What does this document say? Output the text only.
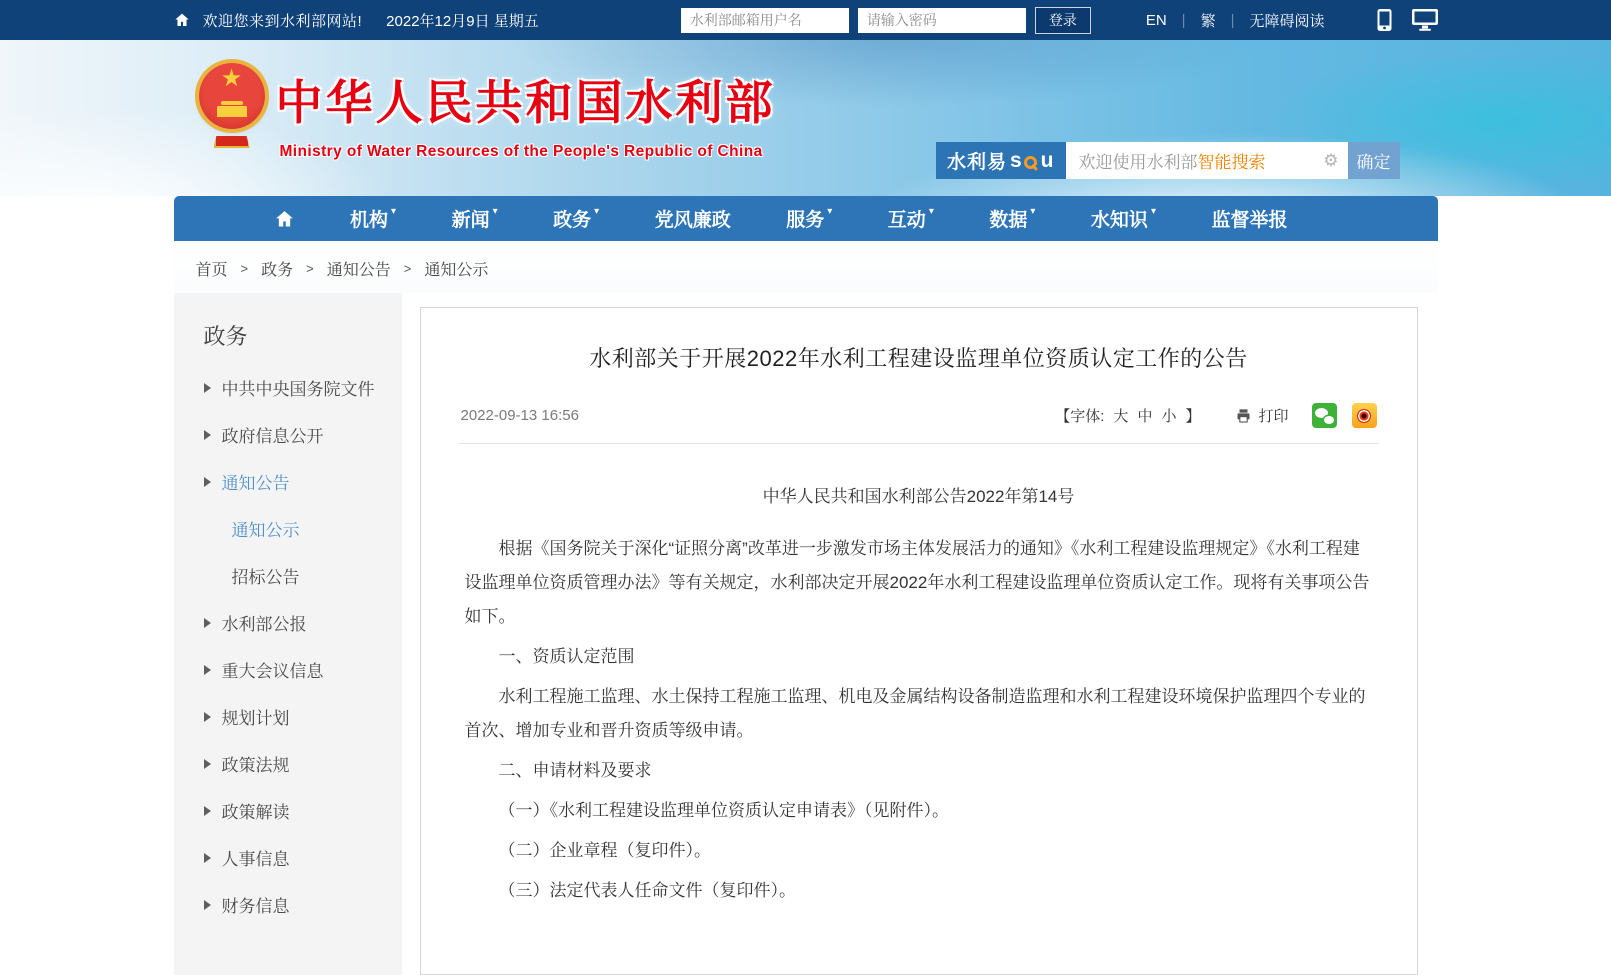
欢迎您来到水利部网站! 2022年12月9日 星期五
水利部邮箱用户名	登录	EN | 繁 | 无障碍阅读
★ 中华人民共和国水利部
Ministry of Water Resources of the People's Republic of China
水利易 s u 欢迎使用水利部 智能搜索	⚙	确定
机构 ▾	新闻 ▾	政务 ▾	党风廉政	服务 ▾	互动 ▾	数据 ▾	水知识 ▾	监督举报
首页 > 政务 > 通知公告 > 通知公示
政务
中共中央国务院文件
政府信息公开
通知公告
通知公示
招标公告
水利部公报
重大会议信息
规划计划
政策法规
政策解读
人事信息
财务信息
水利部关于开展2022年水利工程建设监理单位资质认定工作的公告
2022-09-13 16:56	【字体: 大 中 小 】	打印

中华人民共和国水利部公告2022年第14号

根据《国务院关于深化“证照分离”改革进一步激发市场主体发展活力的通知》《水利工程建设监理规定》《水利工程建设监理单位资质管理办法》等有关规定，水利部决定开展2022年水利工程建设监理单位资质认定工作。现将有关事项公告如下。

一、资质认定范围

水利工程施工监理、水土保持工程施工监理、机电及金属结构设备制造监理和水利工程建设环境保护监理四个专业的首次、增加专业和晋升资质等级申请。

二、申请材料及要求

（一）《水利工程建设监理单位资质认定申请表》（见附件）。

（二）企业章程（复印件）。

（三）法定代表人任命文件（复印件）。
